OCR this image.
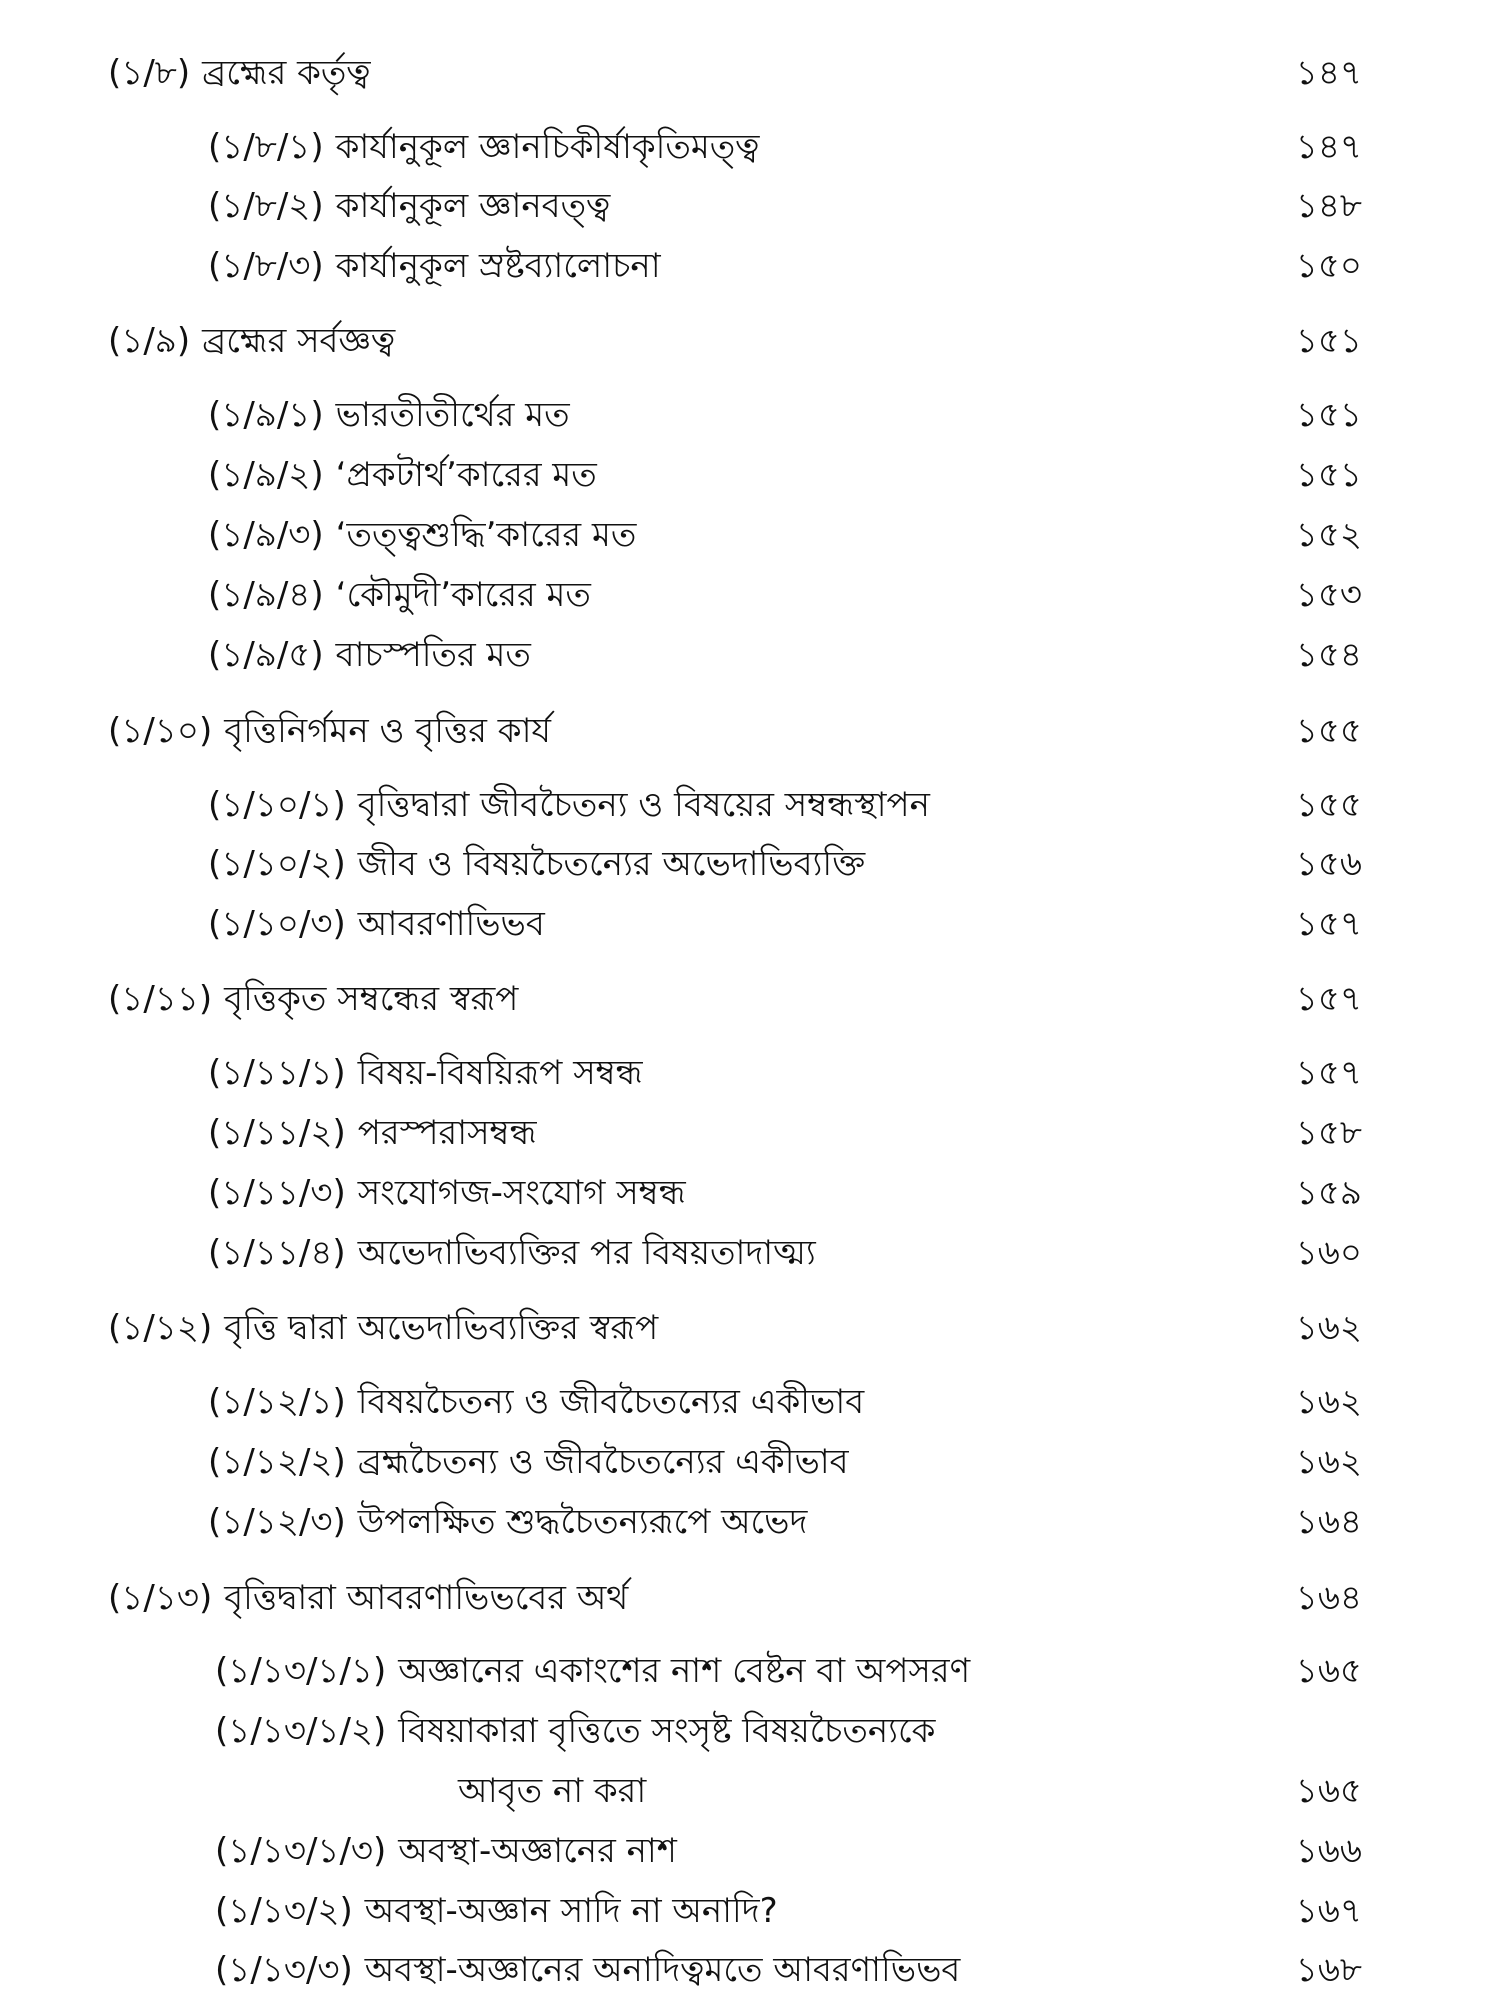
(১/৮) ব্রহ্মের কর্তৃত্ব	১৪৭
(১/৮/১) কার্যানুকূল জ্ঞানচিকীর্ষাকৃতিমত্ত্ব	১৪৭
(১/৮/২) কার্যানুকূল জ্ঞানবত্ত্ব	১৪৮
(১/৮/৩) কার্যানুকূল স্রষ্টব্যালোচনা	১৫০
(১/৯) ব্রহ্মের সর্বজ্ঞত্ব	১৫১
(১/৯/১) ভারতীতীর্থের মত	১৫১
(১/৯/২) ‘প্রকটার্থ’কারের মত	১৫১
(১/৯/৩) ‘তত্ত্বশুদ্ধি’কারের মত	১৫২
(১/৯/৪) ‘কৌমুদী’কারের মত	১৫৩
(১/৯/৫) বাচস্পতির মত	১৫৪
(১/১০) বৃত্তিনির্গমন ও বৃত্তির কার্য	১৫৫
(১/১০/১) বৃত্তিদ্বারা জীবচৈতন্য ও বিষয়ের সম্বন্ধস্থাপন	১৫৫
(১/১০/২) জীব ও বিষয়চৈতন্যের অভেদাভিব্যক্তি	১৫৬
(১/১০/৩) আবরণাভিভব	১৫৭
(১/১১) বৃত্তিকৃত সম্বন্ধের স্বরূপ	১৫৭
(১/১১/১) বিষয়-বিষয়িরূপ সম্বন্ধ	১৫৭
(১/১১/২) পরস্পরাসম্বন্ধ	১৫৮
(১/১১/৩) সংযোগজ-সংযোগ সম্বন্ধ	১৫৯
(১/১১/৪) অভেদাভিব্যক্তির পর বিষয়তাদাত্ম্য	১৬০
(১/১২) বৃত্তি দ্বারা অভেদাভিব্যক্তির স্বরূপ	১৬২
(১/১২/১) বিষয়চৈতন্য ও জীবচৈতন্যের একীভাব	১৬২
(১/১২/২) ব্রহ্মচৈতন্য ও জীবচৈতন্যের একীভাব	১৬২
(১/১২/৩) উপলক্ষিত শুদ্ধচৈতন্যরূপে অভেদ	১৬৪
(১/১৩) বৃত্তিদ্বারা আবরণাভিভবের অর্থ	১৬৪
(১/১৩/১/১) অজ্ঞানের একাংশের নাশ বেষ্টন বা অপসরণ	১৬৫
(১/১৩/১/২) বিষয়াকারা বৃত্তিতে সংসৃষ্ট বিষয়চৈতন্যকে
আবৃত না করা	১৬৫
(১/১৩/১/৩) অবস্থা-অজ্ঞানের নাশ	১৬৬
(১/১৩/২) অবস্থা-অজ্ঞান সাদি না অনাদি?	১৬৭
(১/১৩/৩) অবস্থা-অজ্ঞানের অনাদিত্বমতে আবরণাভিভব	১৬৮
